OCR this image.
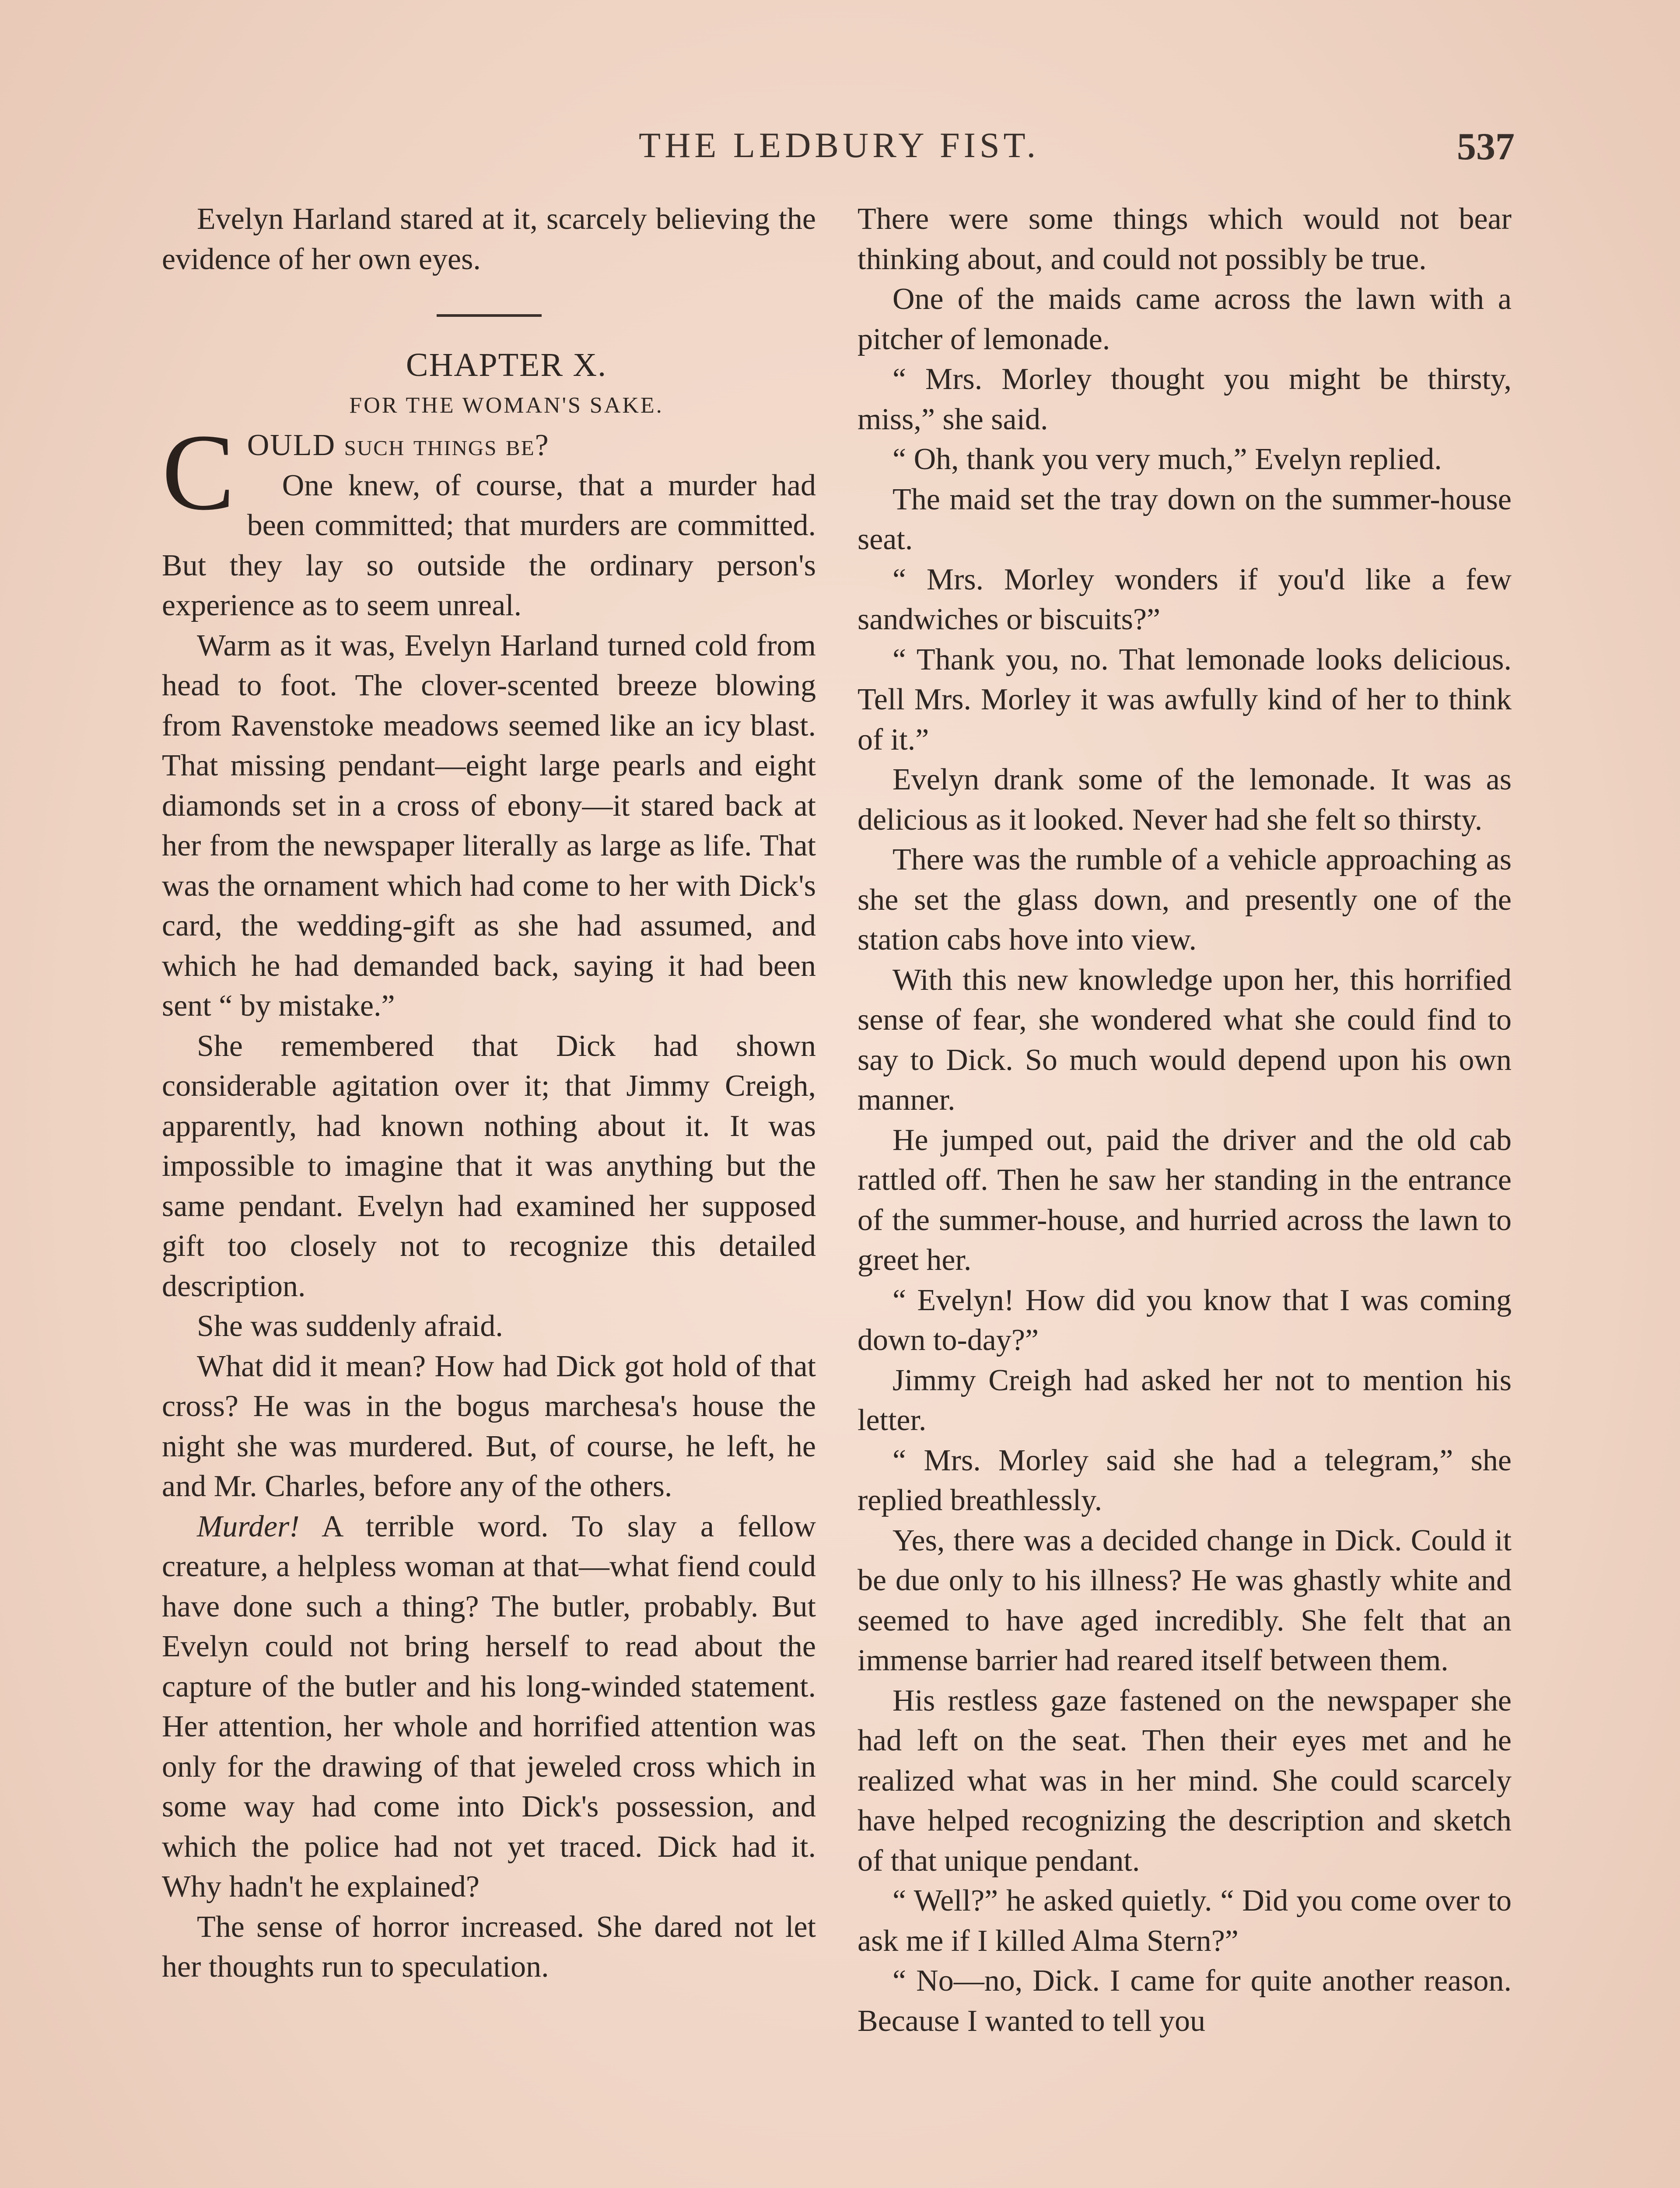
THE LEDBURY FIST.	537

Evelyn Harland stared at it, scarcely believing the evidence of her own eyes.

CHAPTER X.

FOR THE WOMAN'S SAKE.

COULD such things be?

One knew, of course, that a murder had been committed; that murders are committed. But they lay so outside the ordinary person's experience as to seem unreal.

Warm as it was, Evelyn Harland turned cold from head to foot. The clover-scented breeze blowing from Ravenstoke meadows seemed like an icy blast. That missing pendant—eight large pearls and eight diamonds set in a cross of ebony—it stared back at her from the newspaper literally as large as life. That was the ornament which had come to her with Dick's card, the wedding-gift as she had assumed, and which he had demanded back, saying it had been sent “ by mistake.”

She remembered that Dick had shown considerable agitation over it; that Jimmy Creigh, apparently, had known nothing about it. It was impossible to imagine that it was anything but the same pendant. Evelyn had examined her supposed gift too closely not to recognize this detailed description.

She was suddenly afraid.

What did it mean? How had Dick got hold of that cross? He was in the bogus marchesa's house the night she was murdered. But, of course, he left, he and Mr. Charles, before any of the others.

Murder! A terrible word. To slay a fellow creature, a helpless woman at that—what fiend could have done such a thing? The butler, probably. But Evelyn could not bring herself to read about the capture of the butler and his long-winded statement. Her attention, her whole and horrified attention was only for the drawing of that jeweled cross which in some way had come into Dick's possession, and which the police had not yet traced. Dick had it. Why hadn't he explained?

The sense of horror increased. She dared not let her thoughts run to speculation.

There were some things which would not bear thinking about, and could not possibly be true.

One of the maids came across the lawn with a pitcher of lemonade.

“ Mrs. Morley thought you might be thirsty, miss,” she said.

“ Oh, thank you very much,” Evelyn replied.

The maid set the tray down on the summer-house seat.

“ Mrs. Morley wonders if you'd like a few sandwiches or biscuits?”

“ Thank you, no. That lemonade looks delicious. Tell Mrs. Morley it was awfully kind of her to think of it.”

Evelyn drank some of the lemonade. It was as delicious as it looked. Never had she felt so thirsty.

There was the rumble of a vehicle approaching as she set the glass down, and presently one of the station cabs hove into view.

With this new knowledge upon her, this horrified sense of fear, she wondered what she could find to say to Dick. So much would depend upon his own manner.

He jumped out, paid the driver and the old cab rattled off. Then he saw her standing in the entrance of the summer-house, and hurried across the lawn to greet her.

“ Evelyn! How did you know that I was coming down to-day?”

Jimmy Creigh had asked her not to mention his letter.

“ Mrs. Morley said she had a telegram,” she replied breathlessly.

Yes, there was a decided change in Dick. Could it be due only to his illness? He was ghastly white and seemed to have aged incredibly. She felt that an immense barrier had reared itself between them.

His restless gaze fastened on the newspaper she had left on the seat. Then their eyes met and he realized what was in her mind. She could scarcely have helped recognizing the description and sketch of that unique pendant.

“ Well?” he asked quietly. “ Did you come over to ask me if I killed Alma Stern?”

“ No—no, Dick. I came for quite another reason. Because I wanted to tell you
